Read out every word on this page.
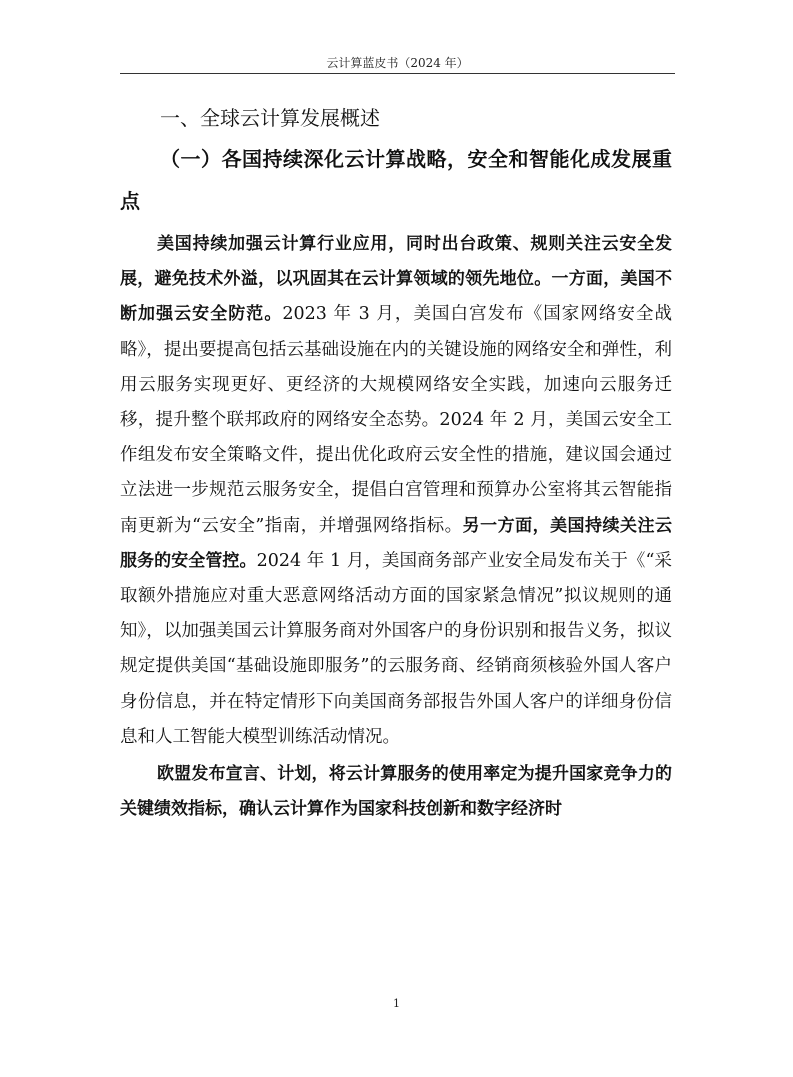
云计算蓝皮书（2024 年）
一、全球云计算发展概述
（一）各国持续深化云计算战略，安全和智能化成发展重点

美国持续加强云计算行业应用，同时出台政策、规则关注云安全发展，避免技术外溢，以巩固其在云计算领域的领先地位。一方面，美国不断加强云安全防范。2023 年 3 月，美国白宫发布《国家网络安全战略》，提出要提高包括云基础设施在内的关键设施的网络安全和弹性，利用云服务实现更好、更经济的大规模网络安全实践，加速向云服务迁移，提升整个联邦政府的网络安全态势。2024 年 2 月，美国云安全工作组发布安全策略文件，提出优化政府云安全性的措施，建议国会通过立法进一步规范云服务安全，提倡白宫管理和预算办公室将其云智能指南更新为“云安全”指南，并增强网络指标。另一方面，美国持续关注云服务的安全管控。2024 年 1 月，美国商务部产业安全局发布关于《“采取额外措施应对重大恶意网络活动方面的国家紧急情况”拟议规则的通知》，以加强美国云计算服务商对外国客户的身份识别和报告义务，拟议规定提供美国“基础设施即服务”的云服务商、经销商须核验外国人客户身份信息，并在特定情形下向美国商务部报告外国人客户的详细身份信息和人工智能大模型训练活动情况。

欧盟发布宣言、计划，将云计算服务的使用率定为提升国家竞争力的关键绩效指标，确认云计算作为国家科技创新和数字经济时

1
